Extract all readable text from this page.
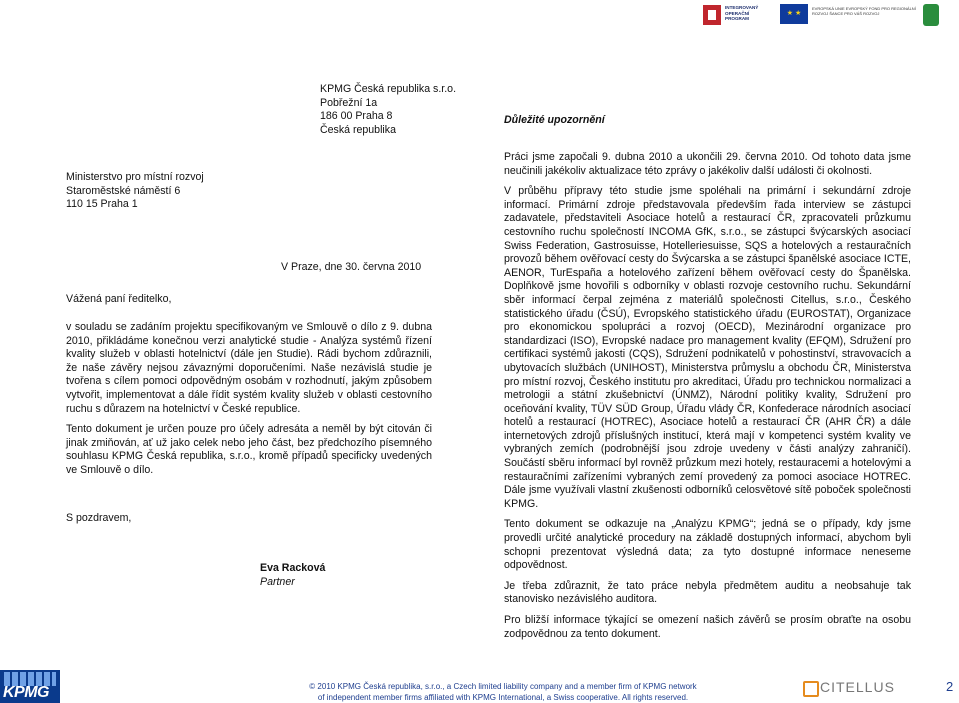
INTEGROVANÝ OPERAČNÍ PROGRAM
★ ★
EVROPSKÁ UNIE EVROPSKÝ FOND PRO REGIONÁLNÍ ROZVOJ ŠANCE PRO VÁŠ ROZVOJ
KPMG Česká republika s.r.o.
Pobřežní 1a
186 00 Praha 8
Česká republika
Důležité upozornění
Ministerstvo pro místní rozvoj
Staroměstské náměstí 6
110 15 Praha 1
V Praze, dne 30. června 2010
Vážená paní ředitelko,

v souladu se zadáním projektu specifikovaným ve Smlouvě o dílo z 9. dubna 2010, přikládáme konečnou verzi analytické studie - Analýza systémů řízení kvality služeb v oblasti hotelnictví (dále jen Studie). Rádi bychom zdůraznili, že naše závěry nejsou závaznými doporučeními. Naše nezávislá studie je tvořena s cílem pomoci odpovědným osobám v rozhodnutí, jakým způsobem vytvořit, implementovat a dále řídit systém kvality služeb v oblasti cestovního ruchu s důrazem na hotelnictví v České republice.

Tento dokument je určen pouze pro účely adresáta a neměl by být citován či jinak zmiňován, ať už jako celek nebo jeho část, bez předchozího písemného souhlasu KPMG Česká republika, s.r.o., kromě případů specificky uvedených ve Smlouvě o dílo.

S pozdravem,
Eva Racková
Partner

Práci jsme započali 9. dubna 2010 a ukončili 29. června 2010. Od tohoto data jsme neučinili jakékoliv aktualizace této zprávy o jakékoliv další události či okolnosti.

V průběhu přípravy této studie jsme spoléhali na primární i sekundární zdroje informací. Primární zdroje představovala především řada interview se zástupci zadavatele, představiteli Asociace hotelů a restaurací ČR, zpracovateli průzkumu cestovního ruchu společností INCOMA GfK, s.r.o., se zástupci švýcarských asociací Swiss Federation, Gastrosuisse, Hotelleriesuisse, SQS a hotelových a restauračních provozů během ověřovací cesty do Švýcarska a se zástupci španělské asociace ICTE, AENOR, TurEspaña a hotelového zařízení během ověřovací cesty do Španělska. Doplňkově jsme hovořili s odborníky v oblasti rozvoje cestovního ruchu. Sekundární sběr informací čerpal zejména z materiálů společnosti Citellus, s.r.o., Českého statistického úřadu (ČSÚ), Evropského statistického úřadu (EUROSTAT), Organizace pro ekonomickou spolupráci a rozvoj (OECD), Mezinárodní organizace pro standardizaci (ISO), Evropské nadace pro management kvality (EFQM), Sdružení pro certifikaci systémů jakosti (CQS), Sdružení podnikatelů v pohostinství, stravovacích a ubytovacích službách (UNIHOST), Ministerstva průmyslu a obchodu ČR, Ministerstva pro místní rozvoj, Českého institutu pro akreditaci, Úřadu pro technickou normalizaci a metrologii a státní zkušebnictví (ÚNMZ), Národní politiky kvality, Sdružení pro oceňování kvality, TÜV SÜD Group, Úřadu vlády ČR, Konfederace národních asociací hotelů a restaurací (HOTREC), Asociace hotelů a restaurací ČR (AHR ČR) a dále internetových zdrojů příslušných institucí, která mají v kompetenci systém kvality ve vybraných zemích (podrobnější jsou zdroje uvedeny v části analýzy zahraničí). Součástí sběru informací byl rovněž průzkum mezi hotely, restauracemi a hotelovými a restauračními zařízeními vybraných zemí provedený za pomoci asociace HOTREC. Dále jsme využívali vlastní zkušenosti odborníků celosvětové sítě poboček společnosti KPMG.

Tento dokument se odkazuje na „Analýzu KPMG“; jedná se o případy, kdy jsme provedli určité analytické procedury na základě dostupných informací, abychom byli schopni prezentovat výsledná data; za tyto dostupné informace neneseme odpovědnost.

Je třeba zdůraznit, že tato práce nebyla předmětem auditu a neobsahuje tak stanovisko nezávislého auditora.

Pro bližší informace týkající se omezení našich závěrů se prosím obraťte na osobu zodpovědnou za tento dokument.

KPMG	© 2010 KPMG Česká republika, s.r.o., a Czech limited liability company and a member firm of KPMG network
of independent member firms affiliated with KPMG International, a Swiss cooperative. All rights reserved.
CITELLUS	2
